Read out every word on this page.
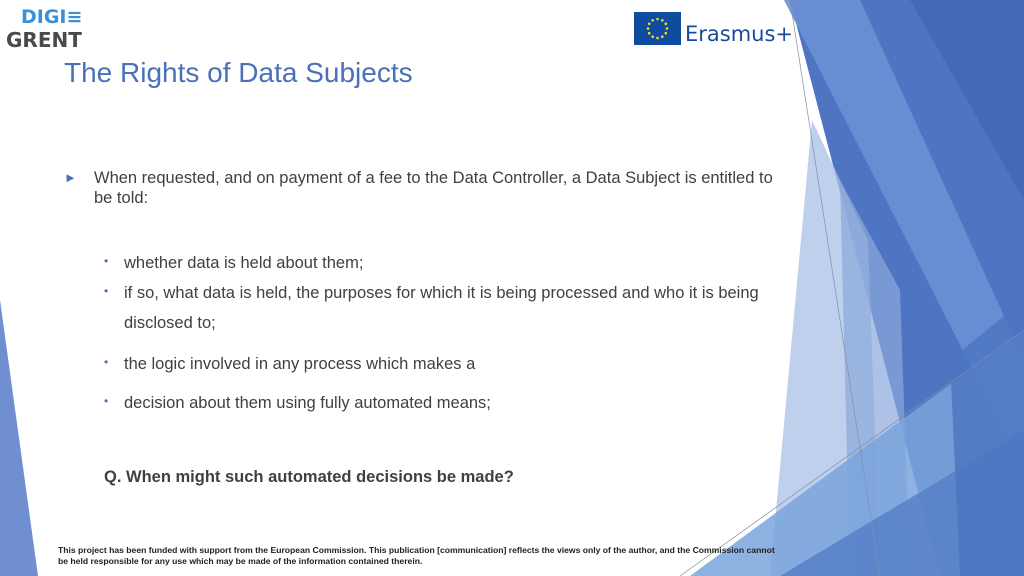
DIGI≡
GRENT	Erasmus+
The Rights of Data Subjects
► When requested, and on payment of a fee to the Data Controller, a Data Subject is entitled to be told:
• whether data is held about them;
• if so, what data is held, the purposes for which it is being processed and who it is being disclosed to;
• the logic involved in any process which makes a
• decision about them using fully automated means;
Q. When might such automated decisions be made?
This project has been funded with support from the European Commission. This publication [communication] reflects the views only of the author, and the Commission cannot be held responsible for any use which may be made of the information contained therein.
